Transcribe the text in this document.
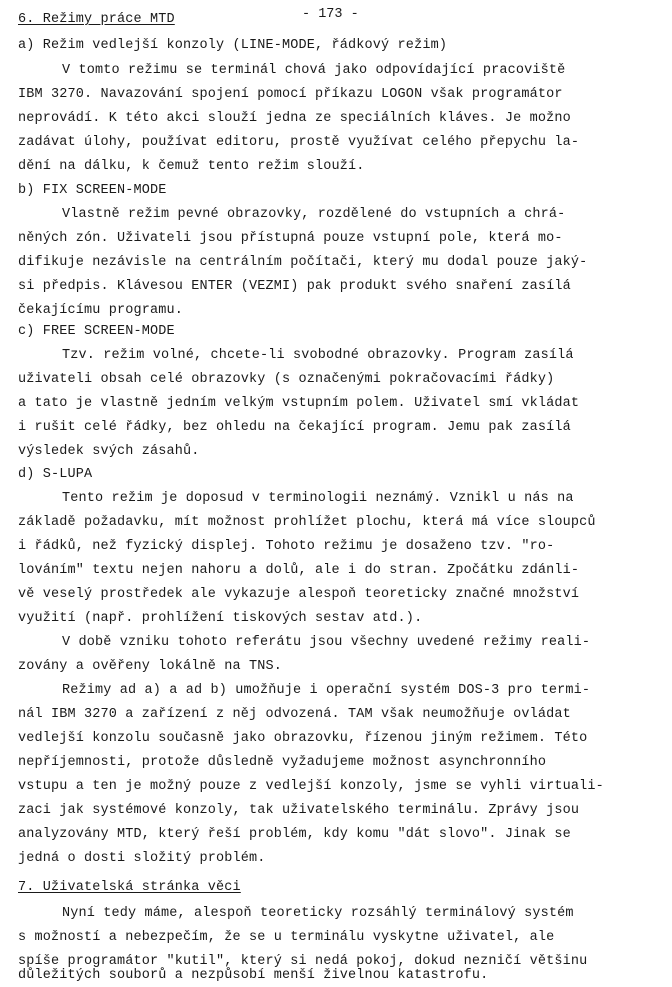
- 173 -
6. Režimy práce MTD
a) Režim vedlejší konzoly (LINE-MODE, řádkový režim)
V tomto režimu se terminál chová jako odpovídající pracoviště
IBM 3270. Navazování spojení pomocí příkazu LOGON však programátor
neprovádí. K této akci slouží jedna ze speciálních kláves. Je možno
zadávat úlohy, používat editoru, prostě využívat celého přepychu la-
dění na dálku, k čemuž tento režim slouží.
b) FIX SCREEN-MODE
Vlastně režim pevné obrazovky, rozdělené do vstupních a chrá-
něných zón. Uživateli jsou přístupná pouze vstupní pole, která mo-
difikuje nezávisle na centrálním počítači, který mu dodal pouze jaký-
si předpis. Klávesou ENTER (VEZMI) pak produkt svého snaření zasílá
čekajícímu programu.
c) FREE SCREEN-MODE
Tzv. režim volné, chcete-li svobodné obrazovky. Program zasílá
uživateli obsah celé obrazovky (s označenými pokračovacími řádky)
a tato je vlastně jedním velkým vstupním polem. Uživatel smí vkládat
i rušit celé řádky, bez ohledu na čekající program. Jemu pak zasílá
výsledek svých zásahů.
d) S-LUPA
Tento režim je doposud v terminologii neznámý. Vznikl u nás na
základě požadavku, mít možnost prohlížet plochu, která má více sloupců
i řádků, než fyzický displej. Tohoto režimu je dosaženo tzv. "ro-
lováním" textu nejen nahoru a dolů, ale i do stran. Zpočátku zdánli-
vě veselý prostředek ale vykazuje alespoň teoreticky značné množství
využití (např. prohlížení tiskových sestav atd.).
V době vzniku tohoto referátu jsou všechny uvedené režimy reali-
zovány a ověřeny lokálně na TNS.
Režimy ad a) a ad b) umožňuje i operační systém DOS-3 pro termi-
nál IBM 3270 a zařízení z něj odvozená. TAM však neumožňuje ovládat
vedlejší konzolu současně jako obrazovku, řízenou jiným režimem. Této
nepříjemnosti, protože důsledně vyžadujeme možnost asynchronního
vstupu a ten je možný pouze z vedlejší konzoly, jsme se vyhli virtuali-
zaci jak systémové konzoly, tak uživatelského terminálu. Zprávy jsou
analyzovány MTD, který řeší problém, kdy komu "dát slovo". Jinak se
jedná o dosti složitý problém.
7. Uživatelská stránka věci
Nyní tedy máme, alespoň teoreticky rozsáhlý terminálový systém
s možností a nebezpečím, že se u terminálu vyskytne uživatel, ale
spíše programátor "kutil", který si nedá pokoj, dokud nezničí většinu
důležitých souborů a nezpůsobí menší živelnou katastrofu.
